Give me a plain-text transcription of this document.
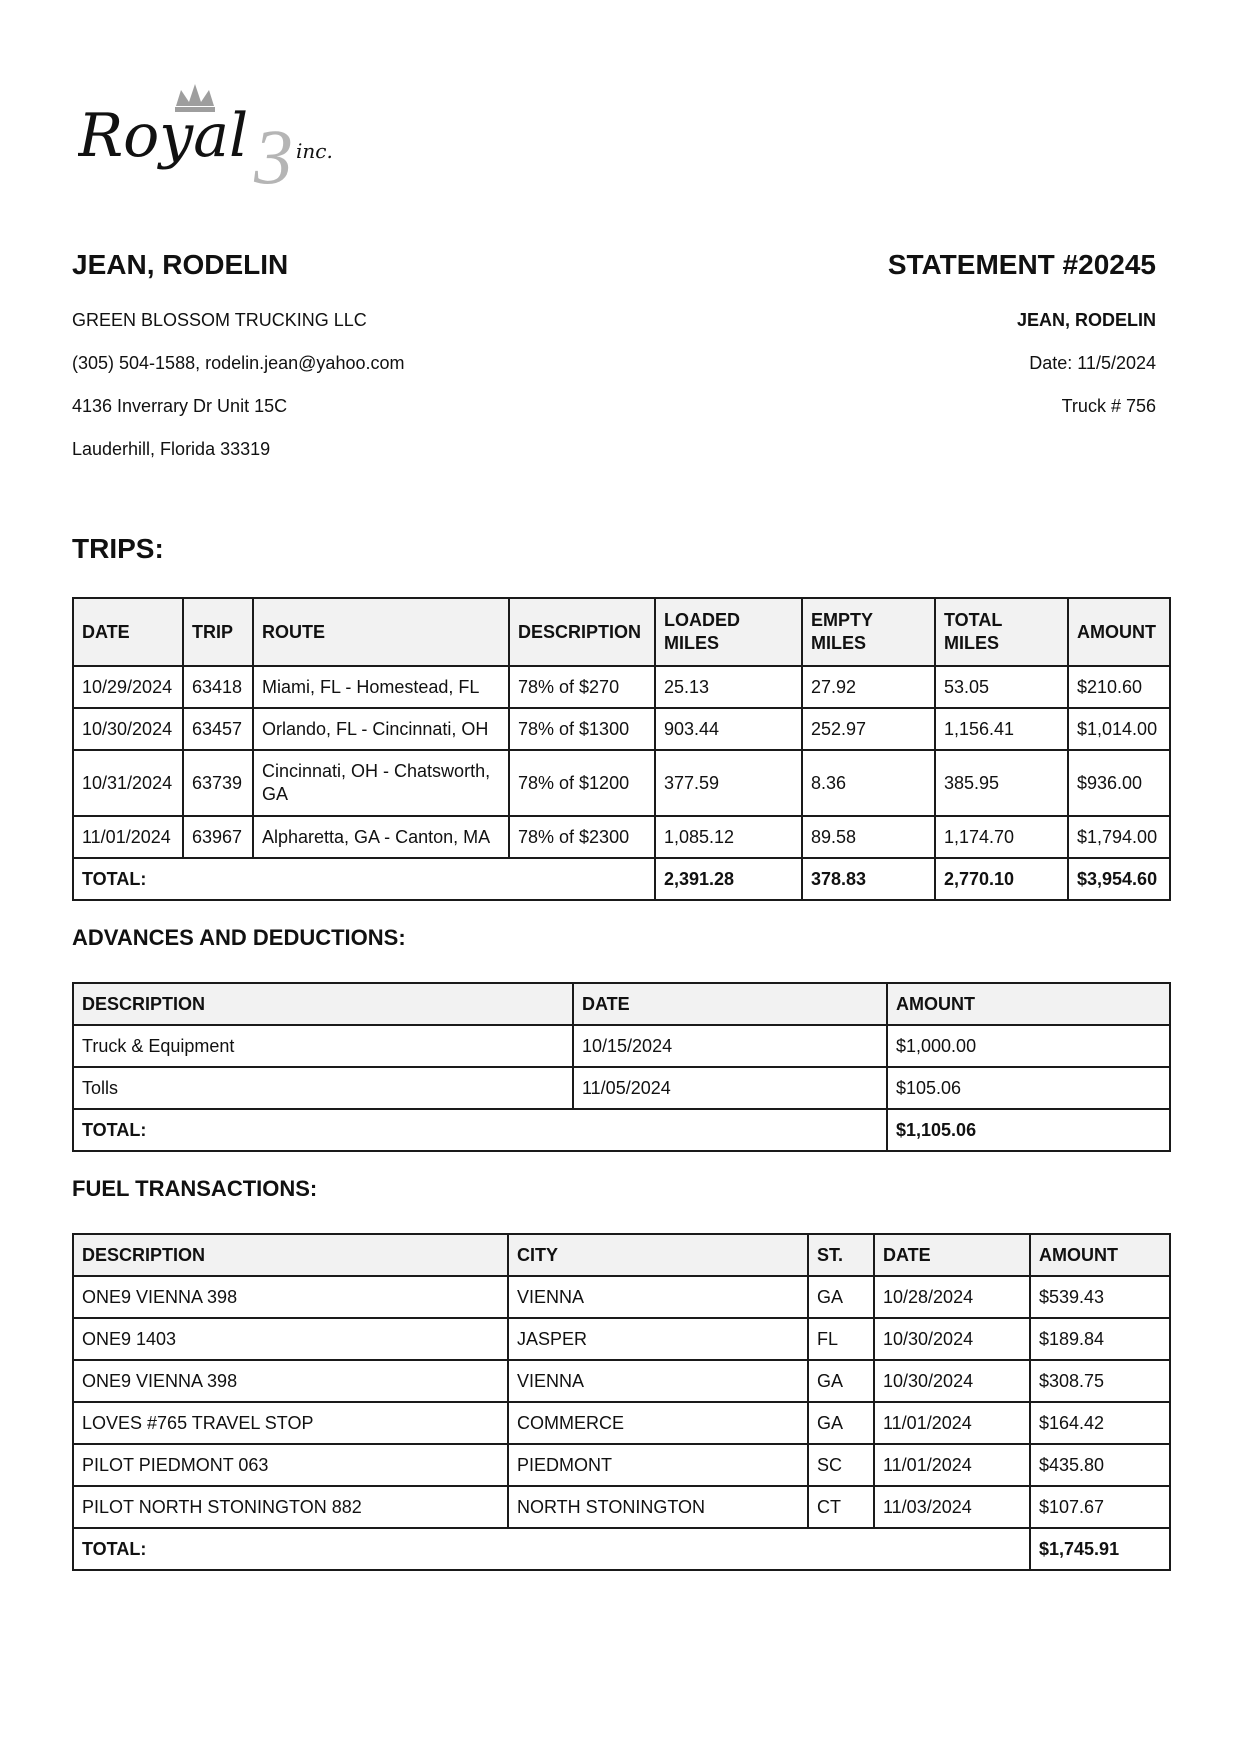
3
Royal inc.
JEAN, RODELIN
GREEN BLOSSOM TRUCKING LLC
(305) 504-1588, rodelin.jean@yahoo.com
4136 Inverrary Dr Unit 15C
Lauderhill, Florida 33319
STATEMENT #20245
JEAN, RODELIN
Date: 11/5/2024
Truck # 756
TRIPS:
DATE	TRIP	ROUTE	DESCRIPTION	LOADED MILES	EMPTY MILES	TOTAL MILES	AMOUNT
10/29/2024	63418	Miami, FL - Homestead, FL	78% of $270	25.13	27.92	53.05	$210.60
10/30/2024	63457	Orlando, FL - Cincinnati, OH	78% of $1300	903.44	252.97	1,156.41	$1,014.00
10/31/2024	63739	Cincinnati, OH - Chatsworth, GA	78% of $1200	377.59	8.36	385.95	$936.00
11/01/2024	63967	Alpharetta, GA - Canton, MA	78% of $2300	1,085.12	89.58	1,174.70	$1,794.00
TOTAL:				2,391.28	378.83	2,770.10	$3,954.60
ADVANCES AND DEDUCTIONS:
DESCRIPTION	DATE	AMOUNT
Truck & Equipment	10/15/2024	$1,000.00
Tolls	11/05/2024	$105.06
TOTAL:		$1,105.06
FUEL TRANSACTIONS:
DESCRIPTION	CITY	ST.	DATE	AMOUNT
ONE9 VIENNA 398	VIENNA	GA	10/28/2024	$539.43
ONE9 1403	JASPER	FL	10/30/2024	$189.84
ONE9 VIENNA 398	VIENNA	GA	10/30/2024	$308.75
LOVES #765 TRAVEL STOP	COMMERCE	GA	11/01/2024	$164.42
PILOT PIEDMONT 063	PIEDMONT	SC	11/01/2024	$435.80
PILOT NORTH STONINGTON 882	NORTH STONINGTON	CT	11/03/2024	$107.67
TOTAL:				$1,745.91
